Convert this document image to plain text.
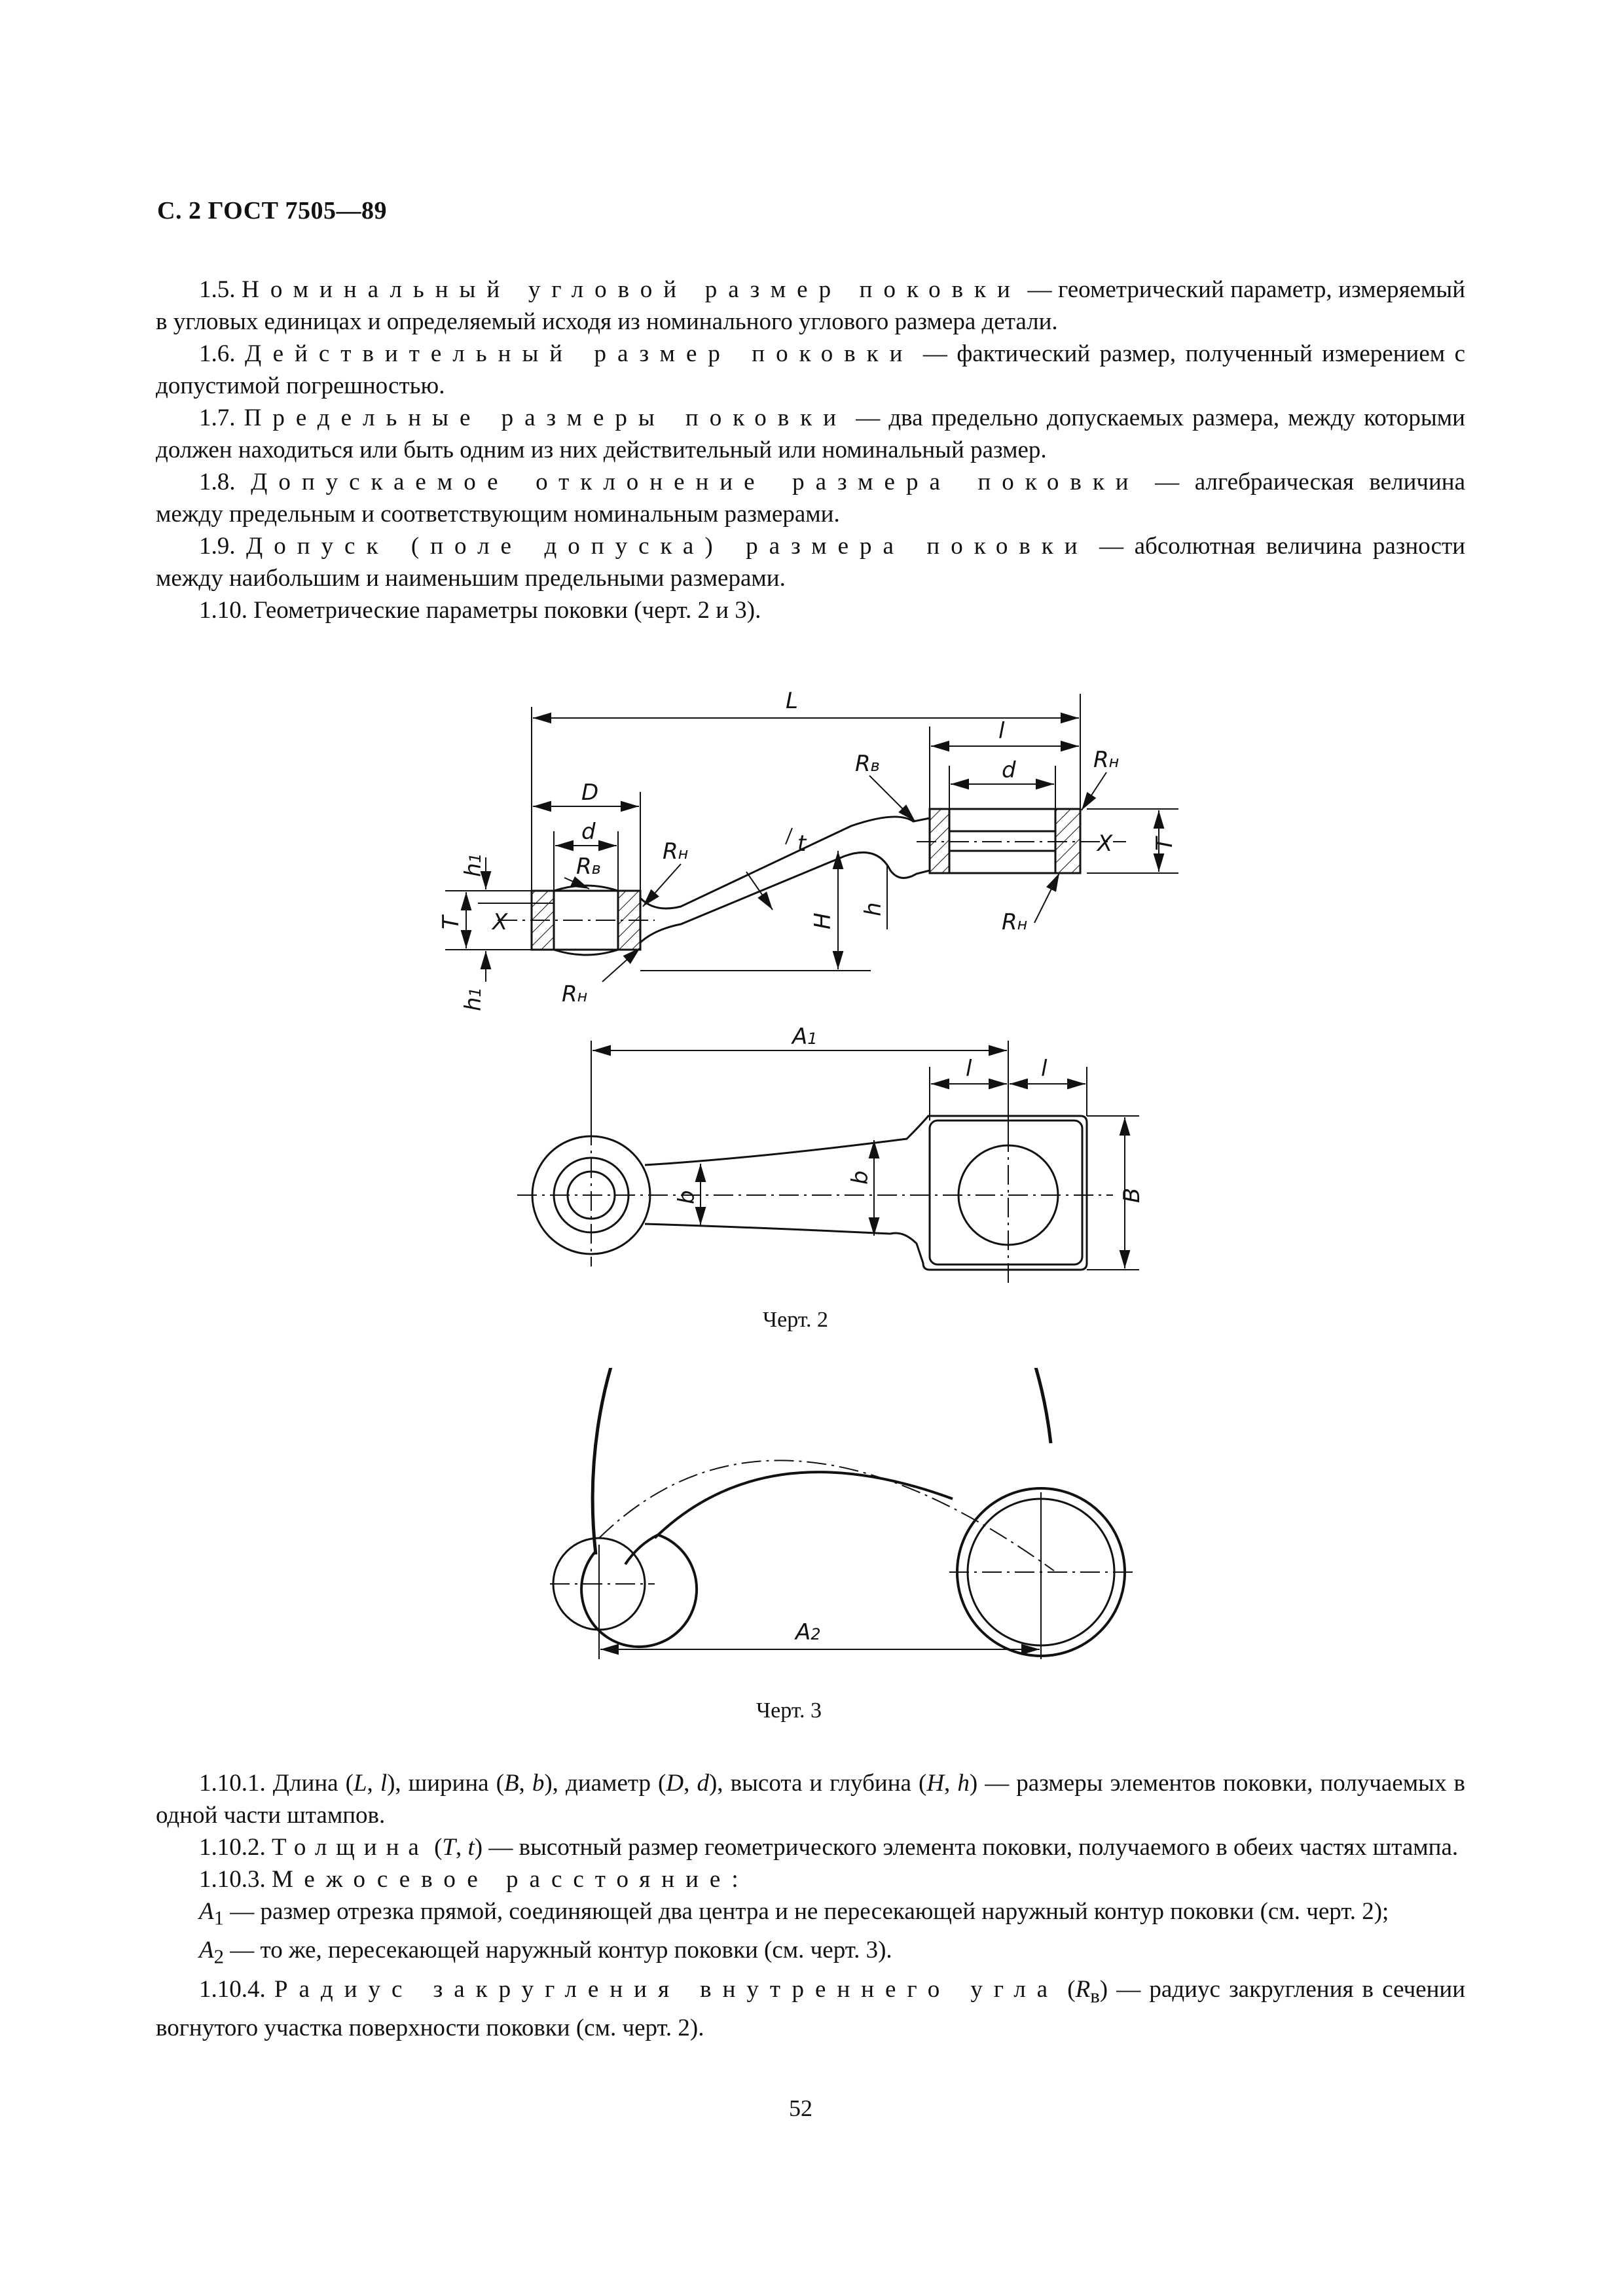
С. 2 ГОСТ 7505—89

1.5. Номинальный угловой размер поковки — геометрический параметр, измеряемый в угловых единицах и определяемый исходя из номинального углового размера детали.

1.6. Действительный размер поковки — фактический размер, полученный измерением с допустимой погрешностью.

1.7. Предельные размеры поковки — два предельно допускаемых размера, между которыми должен находиться или быть одним из них действительный или номинальный размер.

1.8. Допускаемое отклонение размера поковки — алгебраическая величина между предельным и соответствующим номинальным размерами.

1.9. Допуск (поле допуска) размера поковки — абсолютная величина разности между наибольшим и наименьшим предельными размерами.

1.10. Геометрические параметры поковки (черт. 2 и 3).

L
l
d
D
d	t	X
X
T
T	H
h
h1
h1
Rв
Rн
Rн
Rв	Rн
Rн
A1
l	l
B
b
b

Черт. 2

A2

Черт. 3

1.10.1. Длина (L, l), ширина (B, b), диаметр (D, d), высота и глубина (H, h) — размеры элементов поковки, получаемых в одной части штампов.

1.10.2. Толщина (T, t) — высотный размер геометрического элемента поковки, получаемого в обеих частях штампа.

1.10.3. Межосевое расстояние:

$A_1$ — размер отрезка прямой, соединяющей два центра и не пересекающей наружный контур поковки (см. черт. 2);

$A_2$ — то же, пересекающей наружный контур поковки (см. черт. 3).

1.10.4. Радиус закругления внутреннего угла $(R_в)$ — радиус закругления в сечении вогнутого участка поверхности поковки (см. черт. 2).

52
